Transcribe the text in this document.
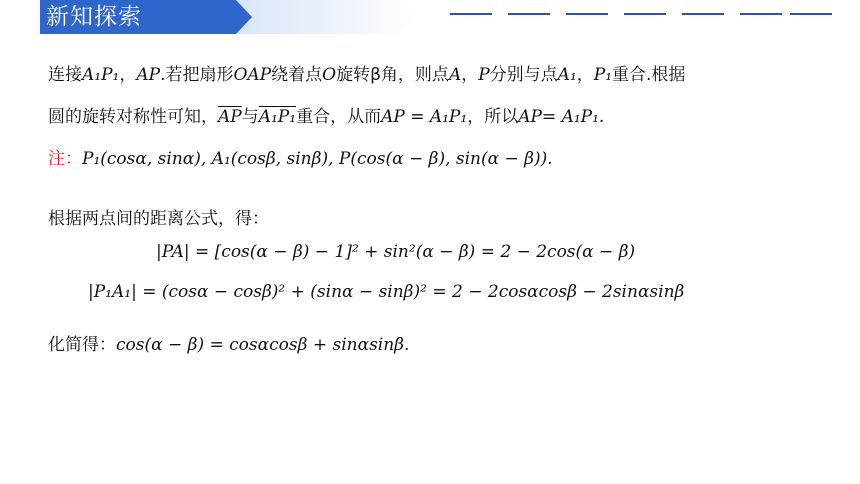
新知探索
连接A₁P₁，AP.若把扇形OAP绕着点O旋转β角，则点A，P分别与点A₁，P₁重合.根据
圆的旋转对称性可知，$\overline{AP}$与A₁P₁重合，从而AP = A₁P₁，所以AP= A₁P₁.
注：P₁(cosα, sinα), A₁(cosβ, sinβ), P(cos(α − β), sin(α − β)).
根据两点间的距离公式，得：
|PA| = [cos(α − β) − 1]² + sin²(α − β) = 2 − 2cos(α − β)
|P₁A₁| = (cosα − cosβ)² + (sinα − sinβ)² = 2 − 2cosαcosβ − 2sinαsinβ
化简得：cos(α − β) = cosαcosβ + sinαsinβ.
